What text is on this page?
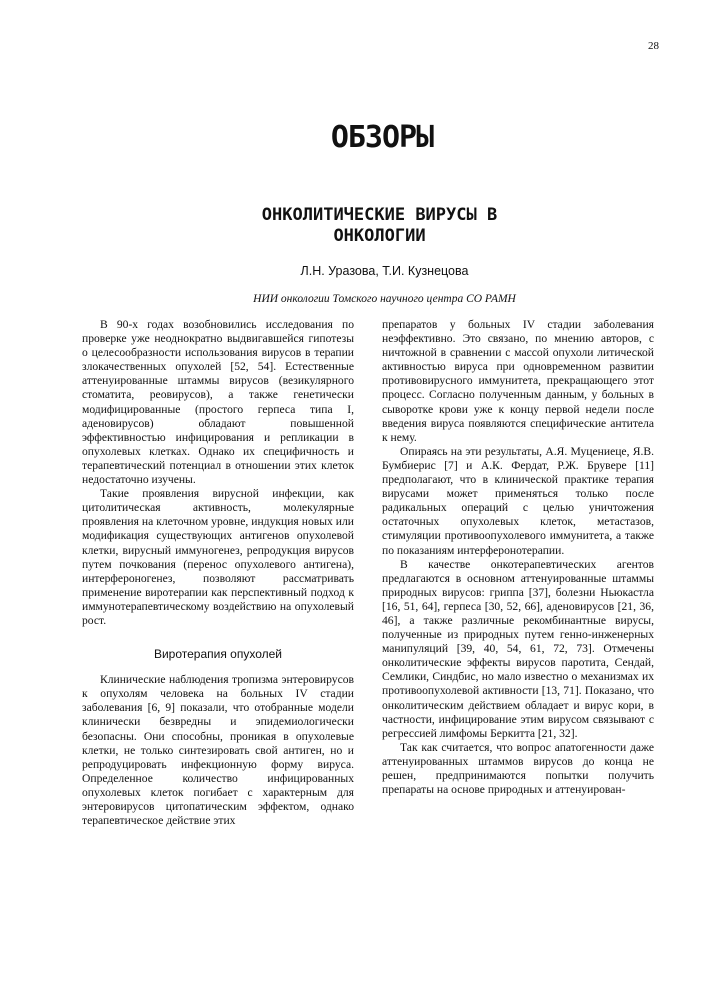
28
ОБЗОРЫ
ОНКОЛИТИЧЕСКИЕ ВИРУСЫ В
ОНКОЛОГИИ
Л.Н. Уразова, Т.И. Кузнецова
НИИ онкологии Томского научного центра СО РАМН

В 90-х годах возобновились исследования по проверке уже неоднократно выдвигавшейся гипотезы о целесообразности использования вирусов в терапии злокачественных опухолей [52, 54]. Естественные аттенуированные штаммы вирусов (везикулярного стоматита, реовирусов), а также генетически модифицированные (простого герпеса типа I, аденовирусов) обладают повышенной эффективностью инфицирования и репликации в опухолевых клетках. Однако их специфичность и терапевтический потенциал в отношении этих клеток недостаточно изучены.

Такие проявления вирусной инфекции, как цитолитическая активность, молекулярные проявления на клеточном уровне, индукция новых или модификация существующих антигенов опухолевой клетки, вирусный иммуногенез, репродукция вирусов путем почкования (перенос опухолевого антигена), интерфероногенез, позволяют рассматривать применение виротерапии как перспективный подход к иммунотерапевтическому воздействию на опухолевый рост.

Виротерапия опухолей

Клинические наблюдения тропизма энтеровирусов к опухолям человека на больных IV стадии заболевания [6, 9] показали, что отобранные модели клинически безвредны и эпидемиологически безопасны. Они способны, проникая в опухолевые клетки, не только синтезировать свой антиген, но и репродуцировать инфекционную форму вируса. Определенное количество инфицированных опухолевых клеток погибает с характерным для энтеровирусов цитопатическим эффектом, однако терапевтическое действие этих

препаратов у больных IV стадии заболевания неэффективно. Это связано, по мнению авторов, с ничтожной в сравнении с массой опухоли литической активностью вируса при одновременном развитии противовирусного иммунитета, прекращающего этот процесс. Согласно полученным данным, у больных в сыворотке крови уже к концу первой недели после введения вируса появляются специфические антитела к нему.

Опираясь на эти результаты, А.Я. Муцениеце, Я.В. Бумбиерис [7] и А.К. Фердат, Р.Ж. Брувере [11] предполагают, что в клинической практике терапия вирусами может применяться только после радикальных операций с целью уничтожения остаточных опухолевых клеток, метастазов, стимуляции противоопухолевого иммунитета, а также по показаниям интерферонотерапии.

В качестве онкотерапевтических агентов предлагаются в основном аттенуированные штаммы природных вирусов: гриппа [37], болезни Ньюкастла [16, 51, 64], герпеса [30, 52, 66], аденовирусов [21, 36, 46], а также различные рекомбинантные вирусы, полученные из природных путем генно-инженерных манипуляций [39, 40, 54, 61, 72, 73]. Отмечены онколитические эффекты вирусов паротита, Сендай, Семлики, Синдбис, но мало известно о механизмах их противоопухолевой активности [13, 71]. Показано, что онколитическим действием обладает и вирус кори, в частности, инфицирование этим вирусом связывают с регрессией лимфомы Беркитта [21, 32].

Так как считается, что вопрос апатогенности даже аттенуированных штаммов вирусов до конца не решен, предпринимаются попытки получить препараты на основе природных и аттенуирован-
